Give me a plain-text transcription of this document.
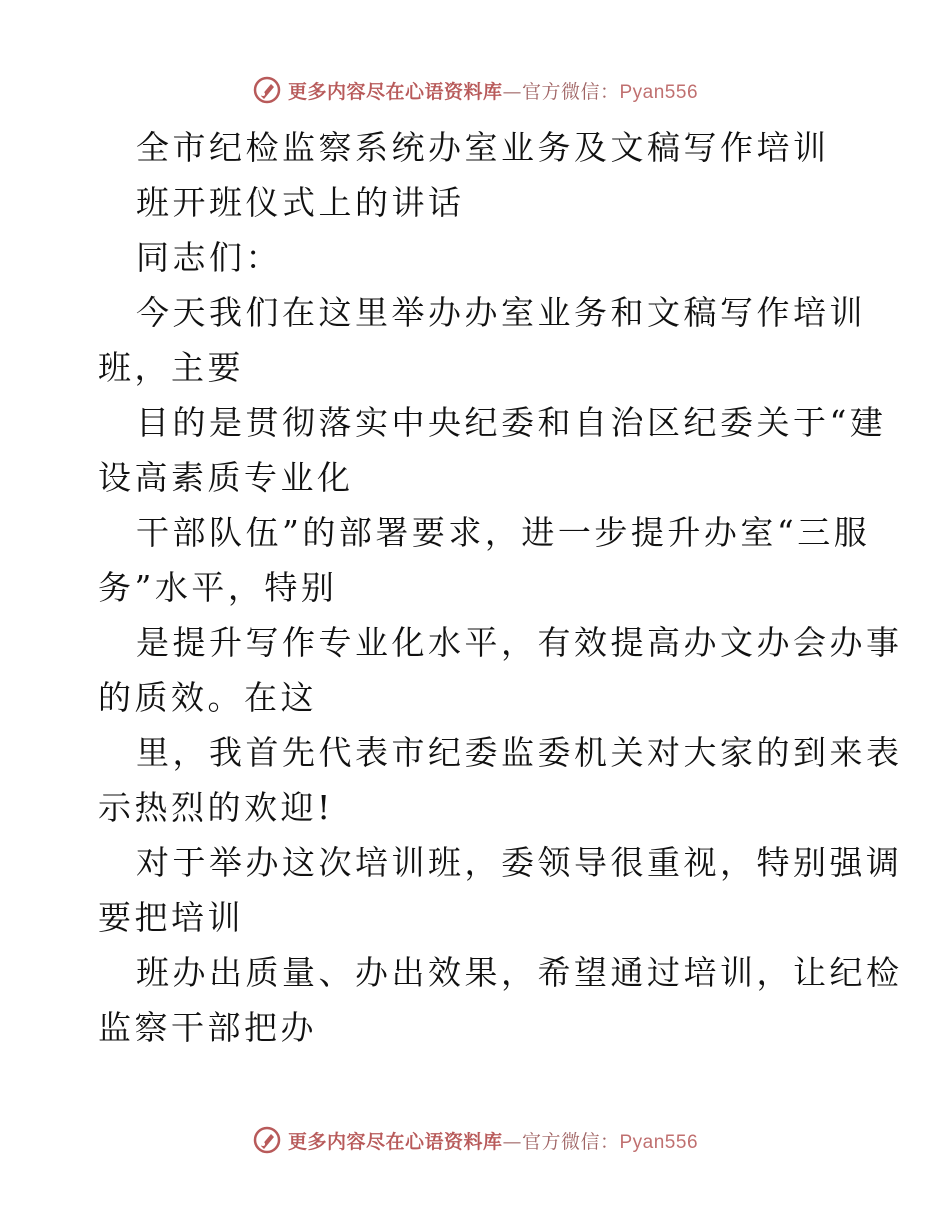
更多内容尽在心语资料库—官方微信：Pyan556
全市纪检监察系统办室业务及文稿写作培训
班开班仪式上的讲话
同志们：
今天我们在这里举办办室业务和文稿写作培训
班，主要
目的是贯彻落实中央纪委和自治区纪委关于“建
设高素质专业化
干部队伍”的部署要求，进一步提升办室“三服
务”水平，特别
是提升写作专业化水平，有效提高办文办会办事
的质效。在这
里，我首先代表市纪委监委机关对大家的到来表
示热烈的欢迎!
对于举办这次培训班，委领导很重视，特别强调
要把培训
班办出质量、办出效果，希望通过培训，让纪检
监察干部把办
更多内容尽在心语资料库—官方微信：Pyan556
